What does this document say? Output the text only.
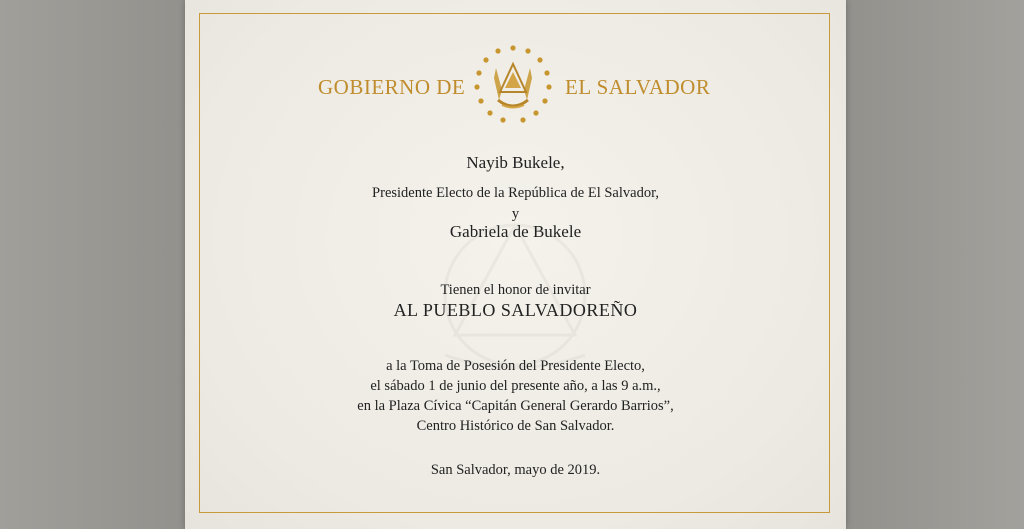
GOBIERNO DE	EL SALVADOR
Nayib Bukele,
Presidente Electo de la República de El Salvador,
y
Gabriela de Bukele
Tienen el honor de invitar
AL PUEBLO SALVADOREÑO
a la Toma de Posesión del Presidente Electo,
el sábado 1 de junio del presente año, a las 9 a.m.,
en la Plaza Cívica “Capitán General Gerardo Barrios”,
Centro Histórico de San Salvador.
San Salvador, mayo de 2019.
